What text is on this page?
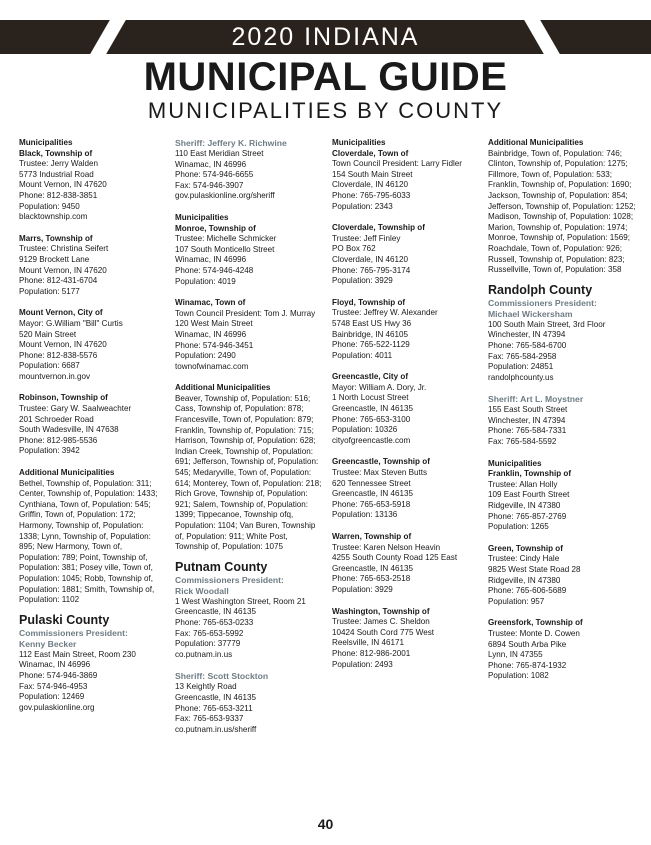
2020 INDIANA
MUNICIPAL GUIDE
MUNICIPALITIES BY COUNTY
Municipalities
Black, Township of
Trustee: Jerry Walden
5773 Industrial Road
Mount Vernon, IN 47620
Phone: 812-838-3851
Population: 9450
blacktownship.com
Marrs, Township of
Trustee: Christina Seifert
9129 Brockett Lane
Mount Vernon, IN 47620
Phone: 812-431-6704
Population: 5177
Mount Vernon, City of
Mayor: G.William "Bill" Curtis
520 Main Street
Mount Vernon, IN 47620
Phone: 812-838-5576
Population: 6687
mountvernon.in.gov
Robinson, Township of
Trustee: Gary W. Saalweachter
201 Schroeder Road
South Wadesville, IN 47638
Phone: 812-985-5536
Population: 3942
Additional Municipalities
Bethel, Township of, Population: 311; Center, Township of, Population: 1433; Cynthiana, Town of, Population: 545; Griffin, Town of, Population: 172; Harmony, Township of, Population: 1338; Lynn, Township of, Population: 895; New Harmony, Town of, Population: 789; Point, Township of, Population: 381; Posey ville, Town of, Population: 1045; Robb, Township of, Population: 1881; Smith, Township of, Population: 1102
Pulaski County
Commissioners President:
Kenny Becker
112 East Main Street, Room 230
Winamac, IN 46996
Phone: 574-946-3869
Fax: 574-946-4953
Population: 12469
gov.pulaskionline.org
Sheriff: Jeffery K. Richwine
110 East Meridian Street
Winamac, IN 46996
Phone: 574-946-6655
Fax: 574-946-3907
gov.pulaskionline.org/sheriff
Municipalities
Monroe, Township of
Trustee: Michelle Schmicker
107 South Monticello Street
Winamac, IN 46996
Phone: 574-946-4248
Population: 4019
Winamac, Town of
Town Council President: Tom J. Murray
120 West Main Street
Winamac, IN 46996
Phone: 574-946-3451
Population: 2490
townofwinamac.com
Additional Municipalities
Beaver, Township of, Population: 516; Cass, Township of, Population: 878; Francesville, Town of, Population: 879; Franklin, Township of, Population: 715; Harrison, Township of, Population: 628; Indian Creek, Township of, Population: 691; Jefferson, Township of, Population: 545; Medaryville, Town of, Population: 614; Monterey, Town of, Population: 218; Rich Grove, Township of, Population: 921; Salem, Township of, Population: 1399; Tippecanoe, Township ofq, Population: 1104; Van Buren, Township of, Population: 911; White Post, Township of, Population: 1075
Putnam County
Commissioners President:
Rick Woodall
1 West Washington Street, Room 21
Greencastle, IN 46135
Phone: 765-653-0233
Fax: 765-653-5992
Population: 37779
co.putnam.in.us
Sheriff: Scott Stockton
13 Keightly Road
Greencastle, IN 46135
Phone: 765-653-3211
Fax: 765-653-9337
co.putnam.in.us/sheriff
Municipalities
Cloverdale, Town of
Town Council President: Larry Fidler
154 South Main Street
Cloverdale, IN 46120
Phone: 765-795-6033
Population: 2343
Cloverdale, Township of
Trustee: Jeff Finley
PO Box 762
Cloverdale, IN 46120
Phone: 765-795-3174
Population: 3929
Floyd, Township of
Trustee: Jeffrey W. Alexander
5748 East US Hwy 36
Bainbridge, IN 46105
Phone: 765-522-1129
Population: 4011
Greencastle, City of
Mayor: William A. Dory, Jr.
1 North Locust Street
Greencastle, IN 46135
Phone: 765-653-3100
Population: 10326
cityofgreencastle.com
Greencastle, Township of
Trustee: Max Steven Butts
620 Tennessee Street
Greencastle, IN 46135
Phone: 765-653-5918
Population: 13136
Warren, Township of
Trustee: Karen Nelson Heavin
4255 South County Road 125 East
Greencastle, IN 46135
Phone: 765-653-2518
Population: 3929
Washington, Township of
Trustee: James C. Sheldon
10424 South Cord 775 West
Reelsville, IN 46171
Phone: 812-986-2001
Population: 2493
Additional Municipalities
Bainbridge, Town of, Population: 746; Clinton, Township of, Population: 1275; Fillmore, Town of, Population: 533; Franklin, Township of, Population: 1690; Jackson, Township of, Population: 854; Jefferson, Township of, Population: 1252; Madison, Township of, Population: 1028; Marion, Township of, Population: 1974; Monroe, Township of, Population: 1569; Roachdale, Town of, Population: 926; Russell, Township of, Population: 823; Russellville, Town of, Population: 358
Randolph County
Commissioners President:
Michael Wickersham
100 South Main Street, 3rd Floor
Winchester, IN 47394
Phone: 765-584-6700
Fax: 765-584-2958
Population: 24851
randolphcounty.us
Sheriff: Art L. Moystner
155 East South Street
Winchester, IN 47394
Phone: 765-584-7331
Fax: 765-584-5592
Municipalities
Franklin, Township of
Trustee: Allan Holly
109 East Fourth Street
Ridgeville, IN 47380
Phone: 765-857-2769
Population: 1265
Green, Township of
Trustee: Cindy Hale
9825 West State Road 28
Ridgeville, IN 47380
Phone: 765-606-5689
Population: 957
Greensfork, Township of
Trustee: Monte D. Cowen
6894 South Arba Pike
Lynn, IN 47355
Phone: 765-874-1932
Population: 1082
40
